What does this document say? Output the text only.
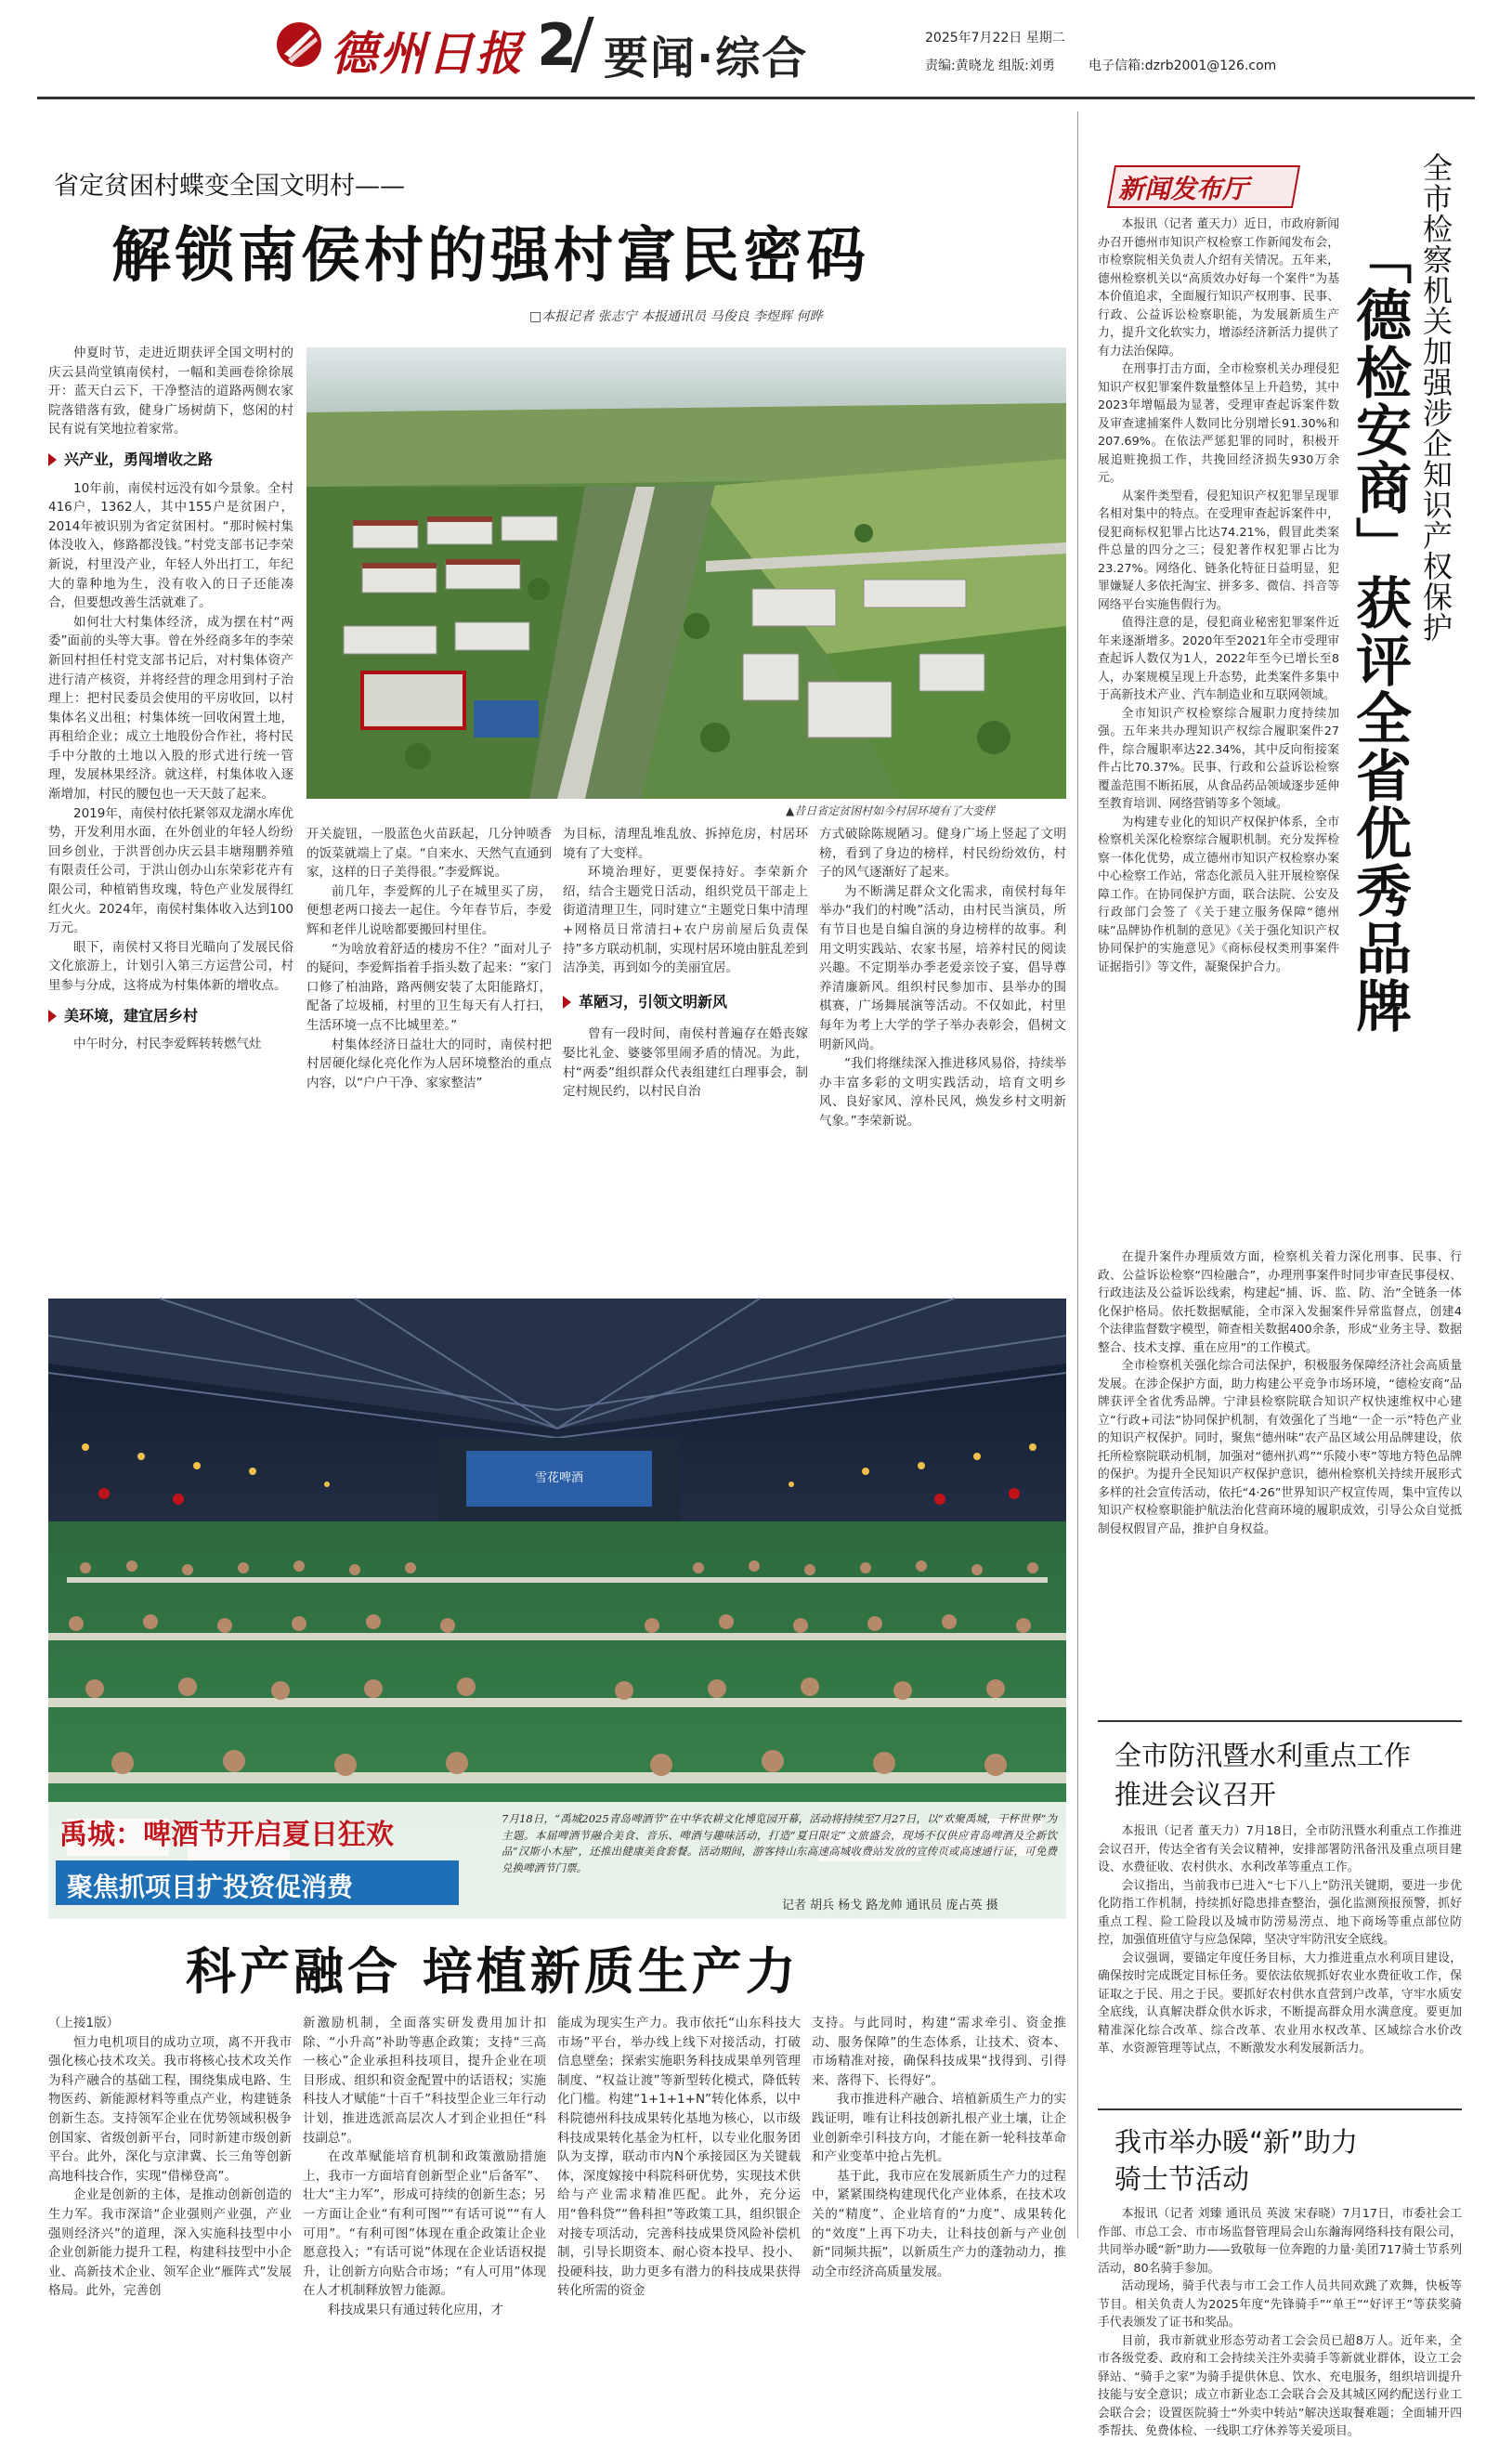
德州日报 2 要闻·综合	2025年7月22日 星期二
责编:黄晓龙 组版:刘勇	电子信箱:dzrb2001@126.com
省定贫困村蝶变全国文明村——
解锁南侯村的强村富民密码
□本报记者 张志宁 本报通讯员 马俊良 李煜辉 何晔

仲夏时节，走进近期获评全国文明村的庆云县尚堂镇南侯村，一幅和美画卷徐徐展开：蓝天白云下，干净整洁的道路两侧农家院落错落有致，健身广场树荫下，悠闲的村民有说有笑地拉着家常。

兴产业，勇闯增收之路

10年前，南侯村远没有如今景象。全村416户，1362人，其中155户是贫困户，2014年被识别为省定贫困村。“那时候村集体没收入，修路都没钱。”村党支部书记李荣新说，村里没产业，年轻人外出打工，年纪大的靠种地为生，没有收入的日子还能凑合，但要想改善生活就难了。

如何壮大村集体经济，成为摆在村“两委”面前的头等大事。曾在外经商多年的李荣新回村担任村党支部书记后，对村集体资产进行清产核资，并将经营的理念用到村子治理上：把村民委员会使用的平房收回，以村集体名义出租；村集体统一回收闲置土地，再租给企业；成立土地股份合作社，将村民手中分散的土地以入股的形式进行统一管理，发展林果经济。就这样，村集体收入逐渐增加，村民的腰包也一天天鼓了起来。

2019年，南侯村依托紧邻双龙湖水库优势，开发利用水面，在外创业的年轻人纷纷回乡创业，于洪晋创办庆云县丰塘翔鹏养殖有限责任公司，于洪山创办山东荣彩花卉有限公司，种植销售玫瑰，特色产业发展得红红火火。2024年，南侯村集体收入达到100万元。

眼下，南侯村又将目光瞄向了发展民俗文化旅游上，计划引入第三方运营公司，村里参与分成，这将成为村集体新的增收点。

美环境，建宜居乡村

中午时分，村民李爱辉转转燃气灶

▲昔日省定贫困村如今村居环境有了大变样

开关旋钮，一股蓝色火苗跃起，几分钟喷香的饭菜就端上了桌。“自来水、天然气直通到家，这样的日子美得很。”李爱辉说。

前几年，李爱辉的儿子在城里买了房，便想老两口接去一起住。今年春节后，李爱辉和老伴儿说啥都要搬回村里住。

“为啥放着舒适的楼房不住？”面对儿子的疑问，李爱辉指着手指头数了起来：“家门口修了柏油路，路两侧安装了太阳能路灯，配备了垃圾桶，村里的卫生每天有人打扫，生活环境一点不比城里差。”

村集体经济日益壮大的同时，南侯村把村居硬化绿化亮化作为人居环境整治的重点内容，以“户户干净、家家整洁”

为目标，清理乱堆乱放、拆掉危房，村居环境有了大变样。

环境治理好，更要保持好。李荣新介绍，结合主题党日活动，组织党员干部走上街道清理卫生，同时建立“主题党日集中清理+网格员日常清扫+农户房前屋后负责保持”多方联动机制，实现村居环境由脏乱差到洁净美，再到如今的美丽宜居。

革陋习，引领文明新风

曾有一段时间，南侯村普遍存在婚丧嫁娶比礼金、婆婆邻里闹矛盾的情况。为此，村“两委”组织群众代表组建红白理事会，制定村规民约，以村民自治

方式破除陈规陋习。健身广场上竖起了文明榜，看到了身边的榜样，村民纷纷效仿，村子的风气逐渐好了起来。

为不断满足群众文化需求，南侯村每年举办“我们的村晚”活动，由村民当演员，所有节目也是自编自演的身边榜样的故事。利用文明实践站、农家书屋，培养村民的阅读兴趣。不定期举办季老爱亲饺子宴，倡导尊养清廉新风。组织村民参加市、县举办的围棋赛，广场舞展演等活动。不仅如此，村里每年为考上大学的学子举办表彰会，倡树文明新风尚。

“我们将继续深入推进移风易俗，持续举办丰富多彩的文明实践活动，培育文明乡风、良好家风、淳朴民风，焕发乡村文明新气象。”李荣新说。

雪花啤酒
禹城：啤酒节开启夏日狂欢
聚焦抓项目扩投资促消费
7月18日，“禹城2025青岛啤酒节”在中华农耕文化博览园开幕，活动将持续至7月27日，以“欢聚禹城，干杯世界”为主题。本届啤酒节融合美食、音乐、啤酒与趣味活动，打造“夏日限定”文旅盛会，现场不仅供应青岛啤酒及全新饮品“汉斯小木屋”，还推出健康美食套餐。活动期间，游客持山东高速高城收费站发放的宣传页或高速通行证，可免费兑换啤酒节门票。
记者 胡兵 杨戈 路龙帅 通讯员 庞占英 摄
科产融合 培植新质生产力
（上接1版）

恒力电机项目的成功立项，离不开我市强化核心技术攻关。我市将核心技术攻关作为科产融合的基础工程，围绕集成电路、生物医药、新能源材料等重点产业，构建链条创新生态。支持领军企业在优势领域积极争创国家、省级创新平台，同时新建市级创新平台。此外，深化与京津冀、长三角等创新高地科技合作，实现“借梯登高”。

企业是创新的主体，是推动创新创造的生力军。我市深谙“企业强则产业强，产业强则经济兴”的道理，深入实施科技型中小企业创新能力提升工程，构建科技型中小企业、高新技术企业、领军企业“雁阵式”发展格局。此外，完善创

新激励机制，全面落实研发费用加计扣除、“小升高”补助等惠企政策；支持“三高一核心”企业承担科技项目，提升企业在项目形成、组织和资金配置中的话语权；实施科技人才赋能“十百千”科技型企业三年行动计划，推进选派高层次人才到企业担任“科技副总”。

在改革赋能培育机制和政策激励措施上，我市一方面培育创新型企业“后备军”、壮大“主力军”，形成可持续的创新生态；另一方面让企业“有利可图”“有话可说”“有人可用”。“有利可图”体现在重企政策让企业愿意投入；“有话可说”体现在企业话语权提升，让创新方向贴合市场；“有人可用”体现在人才机制释放智力能源。

科技成果只有通过转化应用，才

能成为现实生产力。我市依托“山东科技大市场”平台，举办线上线下对接活动，打破信息壁垒；探索实施职务科技成果单列管理制度、“权益让渡”等新型转化模式，降低转化门槛。构建“1+1+1+N”转化体系，以中科院德州科技成果转化基地为核心，以市级科技成果转化基金为杠杆，以专业化服务团队为支撑，联动市内N个承接园区为关键载体，深度嫁接中科院科研优势，实现技术供给与产业需求精准匹配。此外，充分运用“鲁科贷”“鲁科担”等政策工具，组织银企对接专项活动，完善科技成果贷风险补偿机制，引导长期资本、耐心资本投早、投小、投硬科技，助力更多有潜力的科技成果获得转化所需的资金

支持。与此同时，构建“需求牵引、资金推动、服务保障”的生态体系，让技术、资本、市场精准对接，确保科技成果“找得到、引得来、落得下、长得好”。

我市推进科产融合、培植新质生产力的实践证明，唯有让科技创新扎根产业土壤，让企业创新牵引科技方向，才能在新一轮科技革命和产业变革中抢占先机。

基于此，我市应在发展新质生产力的过程中，紧紧围绕构建现代化产业体系，在技术攻关的“精度”、企业培育的“力度”、成果转化的“效度”上再下功夫，让科技创新与产业创新“同频共振”，以新质生产力的蓬勃动力，推动全市经济高质量发展。

新闻发布厅	全市检察机关加强涉企知识产权保护
「德检安商」获评全省优秀品牌

本报讯（记者 董天力）近日，市政府新闻办召开德州市知识产权检察工作新闻发布会，市检察院相关负责人介绍有关情况。五年来，德州检察机关以“高质效办好每一个案件”为基本价值追求，全面履行知识产权刑事、民事、行政、公益诉讼检察职能，为发展新质生产力，提升文化软实力，增添经济新活力提供了有力法治保障。

在刑事打击方面，全市检察机关办理侵犯知识产权犯罪案件数量整体呈上升趋势，其中2023年增幅最为显著，受理审查起诉案件数及审查逮捕案件人数同比分别增长91.30%和207.69%。在依法严惩犯罪的同时，积极开展追赃挽损工作，共挽回经济损失930万余元。

从案件类型看，侵犯知识产权犯罪呈现罪名相对集中的特点。在受理审查起诉案件中，侵犯商标权犯罪占比达74.21%，假冒此类案件总量的四分之三；侵犯著作权犯罪占比为23.27%。网络化、链条化特征日益明显，犯罪嫌疑人多依托淘宝、拼多多、微信、抖音等网络平台实施售假行为。

值得注意的是，侵犯商业秘密犯罪案件近年来逐渐增多。2020年至2021年全市受理审查起诉人数仅为1人，2022年至今已增长至8人，办案规模呈现上升态势，此类案件多集中于高新技术产业、汽车制造业和互联网领域。

全市知识产权检察综合履职力度持续加强。五年来共办理知识产权综合履职案件27件，综合履职率达22.34%，其中反向衔接案件占比70.37%。民事、行政和公益诉讼检察覆盖范围不断拓展，从食品药品领域逐步延伸至教育培训、网络营销等多个领域。

为构建专业化的知识产权保护体系，全市检察机关深化检察综合履职机制。充分发挥检察一体化优势，成立德州市知识产权检察办案中心检察工作站，常态化派员入驻开展检察保障工作。在协同保护方面，联合法院、公安及行政部门会签了《关于建立服务保障“德州味”品牌协作机制的意见》《关于强化知识产权协同保护的实施意见》《商标侵权类刑事案件证据指引》等文件，凝聚保护合力。

在提升案件办理质效方面，检察机关着力深化刑事、民事、行政、公益诉讼检察“四检融合”，办理刑事案件时同步审查民事侵权、行政违法及公益诉讼线索，构建起“捕、诉、监、防、治”全链条一体化保护格局。依托数据赋能，全市深入发掘案件异常监督点，创建4个法律监督数字模型，筛查相关数据400余条，形成“业务主导、数据整合、技术支撑、重在应用”的工作模式。

全市检察机关强化综合司法保护，积极服务保障经济社会高质量发展。在涉企保护方面，助力构建公平竞争市场环境，“德检安商”品牌获评全省优秀品牌。宁津县检察院联合知识产权快速维权中心建立“行政+司法”协同保护机制，有效强化了当地“一企一示”特色产业的知识产权保护。同时，聚焦“德州味”农产品区域公用品牌建设，依托所检察院联动机制，加强对“德州扒鸡”“乐陵小枣”等地方特色品牌的保护。为提升全民知识产权保护意识，德州检察机关持续开展形式多样的社会宣传活动，依托“4·26”世界知识产权宣传周，集中宣传以知识产权检察职能护航法治化营商环境的履职成效，引导公众自觉抵制侵权假冒产品，推护自身权益。

全市防汛暨水利重点工作
推进会议召开

本报讯（记者 董天力）7月18日，全市防汛暨水利重点工作推进会议召开，传达全省有关会议精神，安排部署防汛备汛及重点项目建设、水费征收、农村供水、水利改革等重点工作。

会议指出，当前我市已进入“七下八上”防汛关键期，要进一步优化防指工作机制，持续抓好隐患排查整治，强化监测预报预警，抓好重点工程、险工险段以及城市防涝易涝点、地下商场等重点部位防控，加强值班值守与应急保障，坚决守牢防汛安全底线。

会议强调，要锚定年度任务目标，大力推进重点水利项目建设，确保按时完成既定目标任务。要依法依规抓好农业水费征收工作，保证取之于民、用之于民。要抓好农村供水直营到户改革，守牢水质安全底线，认真解决群众供水诉求，不断提高群众用水满意度。要更加精准深化综合改革、综合改革、农业用水权改革、区域综合水价改革、水资源管理等试点，不断激发水利发展新活力。

我市举办暖“新”助力
骑士节活动

本报讯（记者 刘臻 通讯员 英波 宋春晓）7月17日，市委社会工作部、市总工会、市市场监督管理局会山东瀚海网络科技有限公司，共同举办暖“新”助力——致敬每一位奔跑的力量·美团717骑士节系列活动，80名骑手参加。

活动现场，骑手代表与市工会工作人员共同欢跳了欢舞，快板等节目。相关负责人为2025年度“先锋骑手”“单王”“好评王”等获奖骑手代表颁发了证书和奖品。

目前，我市新就业形态劳动者工会会员已超8万人。近年来，全市各级党委、政府和工会持续关注外卖骑手等新就业群体，设立工会驿站、“骑手之家”为骑手提供休息、饮水、充电服务，组织培训提升技能与安全意识；成立市新业态工会联合会及其城区网约配送行业工会联合会；设置医院骑士“外卖中转站”解决送取餐难题；全面辅开四季帮扶、免费体检、一线职工疗休养等关爱项目。
